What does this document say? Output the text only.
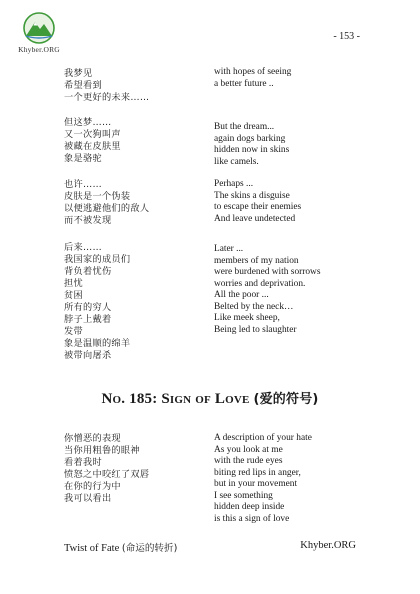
Khyber.ORG
- 153 -
我梦见
希望看到
一个更好的未来……
但这梦……
又一次狗叫声
被藏在皮肤里
象是骆驼
也许……
皮肤是一个伪装
以便逃避他们的敌人
而不被发现
后来……
我国家的成员们
背负着忧伤
担忧
贫困
所有的穷人
脖子上戴着
发带
象是温顺的绵羊
被带向屠杀
with hopes of seeing
a better future ..
But the dream...
again dogs barking
hidden now in skins
like camels.
Perhaps ...
The skins a disguise
to escape their enemies
And leave undetected
Later ...
members of my nation
were burdened with sorrows
worries and deprivation.
All the poor ...
Belted by the neck…
Like meek sheep,
Being led to slaughter
No. 185: Sign of Love (爱的符号)
你憎恶的表现
当你用粗鲁的眼神
看着我时
愤怒之中咬红了双唇
在你的行为中
我可以看出
A description of your hate
As you look at me
with the rude eyes
biting red lips in anger,
but in your movement
I see something
hidden deep inside
is this a sign of love
Twist of Fate (命运的转折)	Khyber.ORG
